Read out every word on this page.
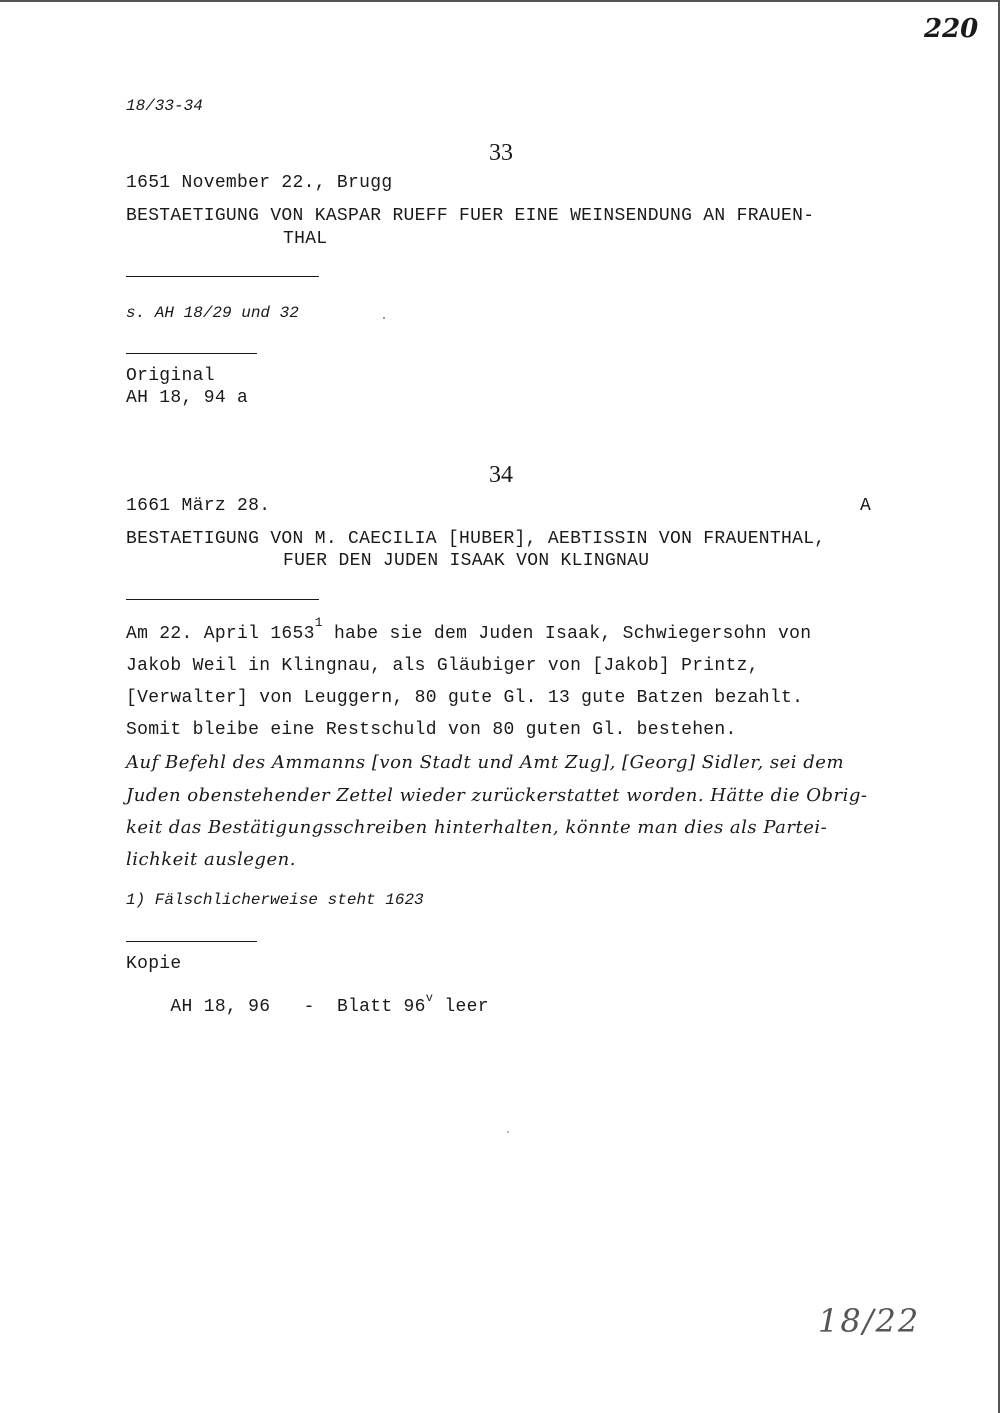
220
18/33-34
33
1651 November 22., Brugg
BESTAETIGUNG VON KASPAR RUEFF FUER EINE WEINSENDUNG AN FRAUEN-
THAL
s. AH 18/29 und 32
Original
AH 18, 94 a
34
1661 März 28.	A
BESTAETIGUNG VON M. CAECILIA [HUBER], AEBTISSIN VON FRAUENTHAL,
FUER DEN JUDEN ISAAK VON KLINGNAU
Am 22. April 1653$^1$ habe sie dem Juden Isaak, Schwiegersohn von
Jakob Weil in Klingnau, als Gläubiger von [Jakob] Printz,
[Verwalter] von Leuggern, 80 gute Gl. 13 gute Batzen bezahlt.
Somit bleibe eine Restschuld von 80 guten Gl. bestehen.
Auf Befehl des Ammanns [von Stadt und Amt Zug], [Georg] Sidler, sei dem
Juden obenstehender Zettel wieder zurückerstattet worden. Hätte die Obrig-
keit das Bestätigungsschreiben hinterhalten, könnte man dies als Partei-
lichkeit auslegen.
1) Fälschlicherweise steht 1623
Kopie

AH 18, 96   -  Blatt 96$^v$ leer

18/22
